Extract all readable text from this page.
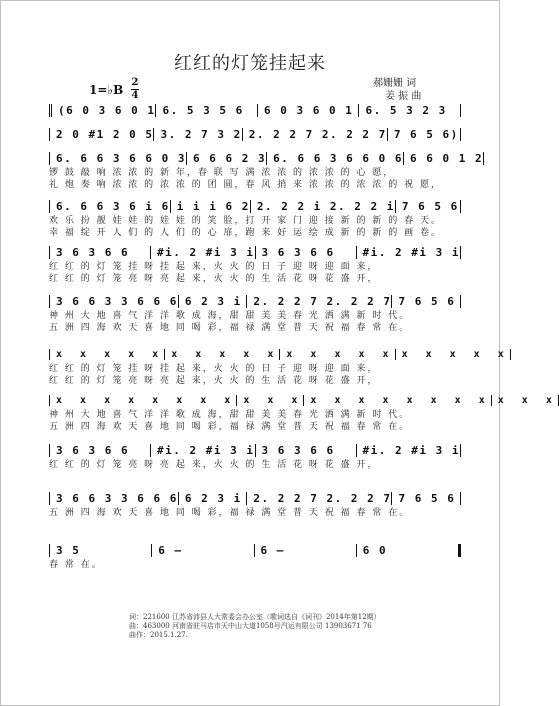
红红的灯笼挂起来
1=♭B
2
4
郝姗姗 词
姜 振 曲
(6 0 3 6 0 1 6. 5 3 5 6	6 0 3 6 0 1	6. 5 3 2 3
2 0 #1 2 0 5 3. 2 7 3 2 2. 2 2 7 2. 2 2 7 7 6 5 6)
6. 6 6 3 6 6 0 3 6 6 6 2 3 6. 6 6 3 6 6 0 6 6 6 0 1 2
锣 鼓 敲 响 浓 浓 的 新 年，春 联 写 满 浓 浓 的 浓 浓 的 心 愿，
礼 炮 奏 响 浓 浓 的 浓 浓 的 团 圆，春 风 捎 来 浓 浓 的 浓 浓 的 祝 愿，
6. 6 6 3 6 i 6 i i i 6 2 2. 2 2 i 2. 2 2 i 7 6 5 6
欢 乐 扮 靓 娃 娃 的 娃 娃 的 笑 脸，打 开 家 门 迎 接 新 的 新 的 春 天。
幸 福 绽 开 人 们 的 人 们 的 心 扉，跑 来 好 运 绘 成 新 的 新 的 画 卷。
3 6 3 6 6	#i. 2 #i 3 i 3 6 3 6 6	#i. 2 #i 3 i
红 红 的 灯 笼 挂 呀 挂 起 来，火 火 的 日 子 迎 呀 迎 面 来，
红 红 的 灯 笼 亮 呀 亮 起 来，火 火 的 生 活 花 呀 花 盛 开，
3 6 6 3 3 6 6 6 6 2 3 i	2. 2 2 7 2. 2 2 7 7 6 5 6
神 州 大 地 喜 气 洋 洋 歌 成 海，甜 甜 美 美 春 光 洒 满 新 时 代。
五 洲 四 海 欢 天 喜 地 同 喝 彩，福 禄 满 堂 普 天 祝 福 春 常 在。
x x x x x x x x x x x x x x x x x x x x
红 红 的 灯 笼 挂 呀 挂 起 来，火 火 的 日 子 迎 呀 迎 面 来，
红 红 的 灯 笼 亮 呀 亮 起 来，火 火 的 生 活 花 呀 花 盛 开，
x x x x x x x x x x x x x x x x x x x x x x
神 州 大 地 喜 气 洋 洋 歌 成 海，甜 甜 美 美 春 光 洒 满 新 时 代。
五 洲 四 海 欢 天 喜 地 同 喝 彩，福 禄 满 堂 普 天 祝 福 春 常 在。
3 6 3 6 6	#i. 2 #i 3 i 3 6 3 6 6	#i. 2 #i 3 i
红 红 的 灯 笼 亮 呀 亮 起 来，火 火 的 生 活 花 呀 花 盛 开，
3 6 6 3 3 6 6 6 6 2 3 i	2. 2 2 7 2. 2 2 7 7 6 5 6
五 洲 四 海 欢 天 喜 地 同 喝 彩，福 禄 满 堂 普 天 祝 福 春 常 在。
3 5	6 –	6 –	6 0
春 常 在。
词：221600 江苏省沛县人大常委会办公室（歌词选自《词刊》2014年第12期）
曲：463000 河南省驻马店市天中山大道1058号汽运有限公司 13903671 76
曲作：2015.1.27.
